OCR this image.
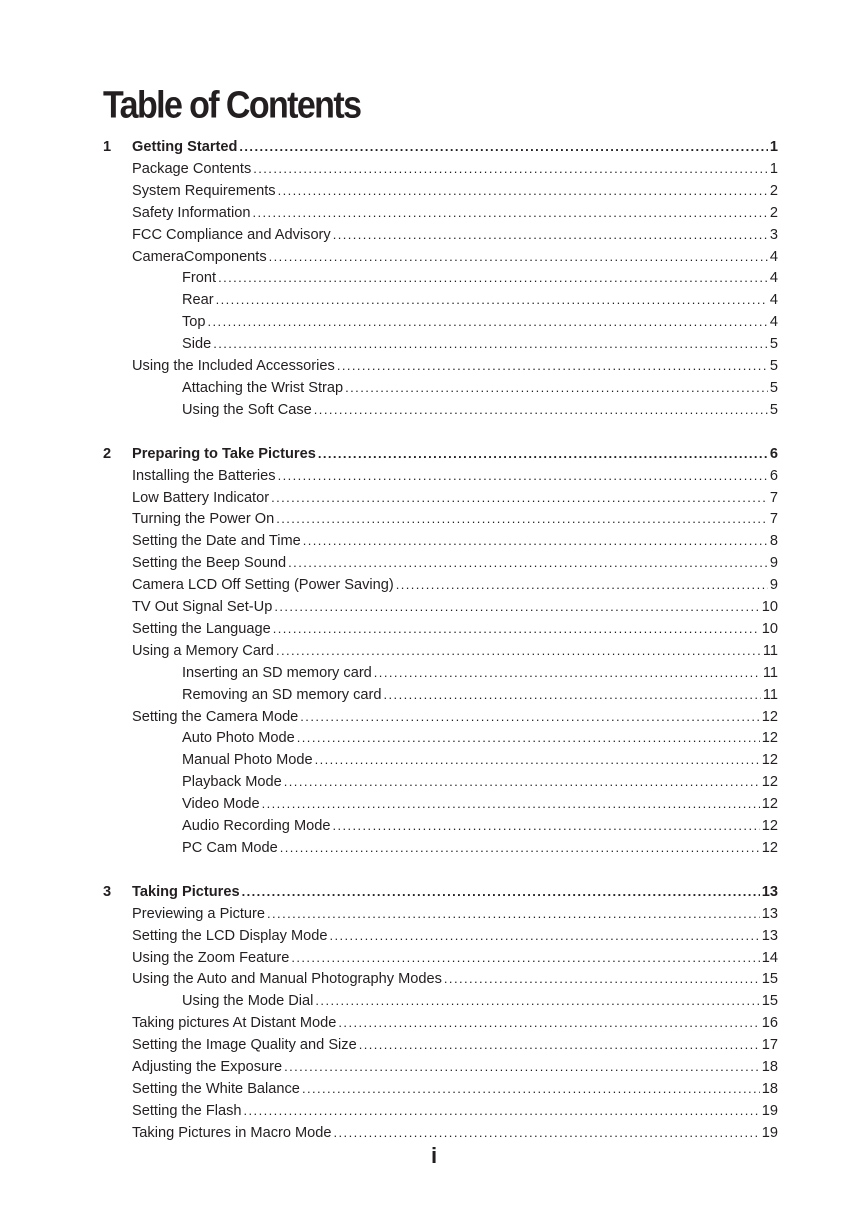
Table of Contents
1 Getting Started .....	1
Package Contents .....	1
System Requirements .....	2
Safety Information .....	2
FCC Compliance and Advisory .....	3
CameraComponents .....	4
Front .....	4
Rear .....	4
Top .....	4
Side .....	5
Using the Included Accessories .....	5
Attaching the Wrist Strap .....	5
Using the Soft Case .....	5
2 Preparing to Take Pictures .....	6
Installing the Batteries .....	6
Low Battery Indicator .....	7
Turning the Power On .....	7
Setting the Date and Time .....	8
Setting the Beep Sound .....	9
Camera LCD Off Setting (Power Saving) .....	9
TV Out Signal Set-Up .....	10
Setting the Language .....	10
Using a Memory Card .....	11
Inserting an SD memory card .....	11
Removing an SD memory card .....	11
Setting the Camera Mode .....	12
Auto Photo Mode .....	12
Manual Photo Mode .....	12
Playback Mode .....	12
Video Mode .....	12
Audio Recording Mode .....	12
PC Cam Mode .....	12
3 Taking Pictures .....	13
Previewing a Picture .....	13
Setting the LCD Display Mode .....	13
Using the Zoom Feature .....	14
Using the Auto and Manual Photography Modes .....	15
Using the Mode Dial .....	15
Taking pictures At Distant Mode .....	16
Setting the Image Quality and Size .....	17
Adjusting the Exposure .....	18
Setting the White Balance .....	18
Setting the Flash .....	19
Taking Pictures in Macro Mode .....	19
i
